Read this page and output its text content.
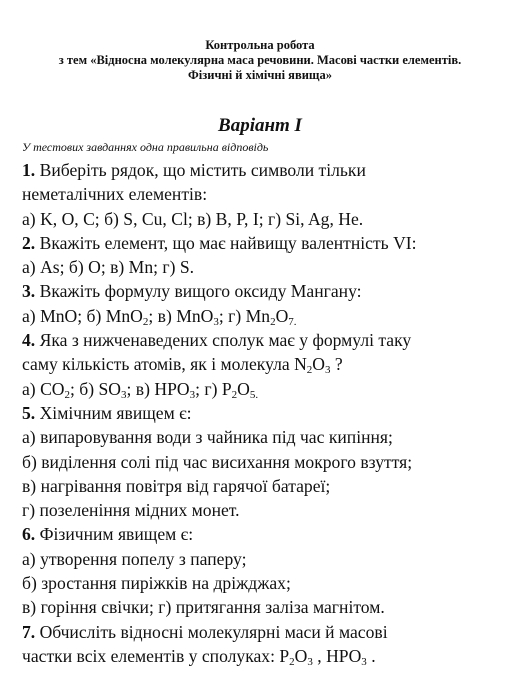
Контрольна робота
з тем «Відносна молекулярна маса речовини. Масові частки елементів.
Фізичні й хімічні явища»
Варіант І
У тестових завданнях одна правильна відповідь
1. Виберіть рядок, що містить символи тільки
неметалічних елементів:
а) K, O, C; б) S, Cu, Cl; в) B, P, I; г) Si, Ag, He.
2. Вкажіть елемент, що має найвищу валентність VI:
а) As; б) O; в) Mn; г) S.
3. Вкажіть формулу вищого оксиду Мангану:
а) MnO; б) MnO$_2$; в) MnO$_3$; г) $Mn_2O_{7.}$
4. Яка з нижченаведених сполук має у формулі таку
саму кількість атомів, як і молекула $N_2O_3$ ?
а) $CO_2$; б) $SO_3$; в) $HPO_3$; г) $P_2O_{5.}$
5. Хімічним явищем є:
а) випаровування води з чайника під час кипіння;
б) виділення солі під час висихання мокрого взуття;
в) нагрівання повітря від гарячої батареї;
г) позеленіння мідних монет.
6. Фізичним явищем є:
а) утворення попелу з паперу;
б) зростання пиріжків на дріжджах;
в) горіння свічки; г) притягання заліза магнітом.
7. Обчисліть відносні молекулярні маси й масові
частки всіх елементів у сполуках: $P_2O_3$ , $HPO_3$ .
